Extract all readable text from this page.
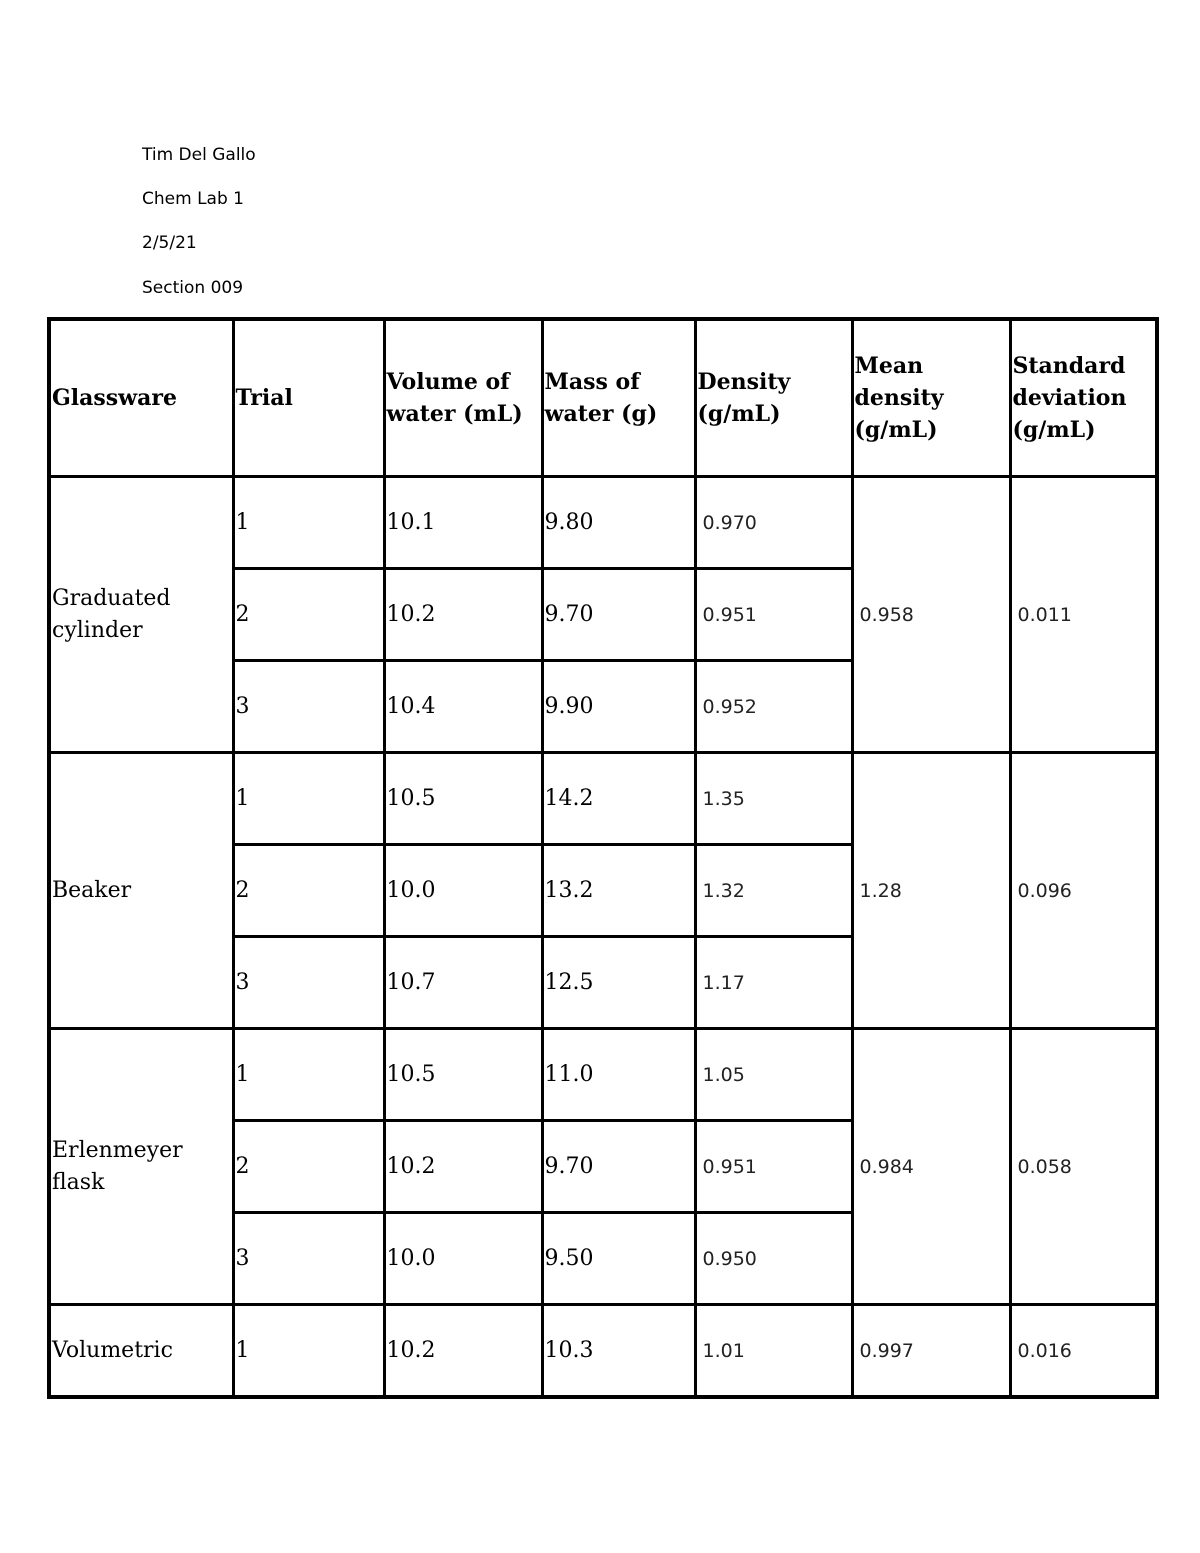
Tim Del Gallo
Chem Lab 1
2/5/21
Section 009
Glassware	Trial	Volume of water (mL)	Mass of water (g)	Density (g/mL)	Mean density (g/mL)	Standard deviation (g/mL)
Graduated cylinder	1	10.1	9.80	0.970	0.958	0.011
	2	10.2	9.70	0.951		
	3	10.4	9.90	0.952		
Beaker	1	10.5	14.2	1.35	1.28	0.096
	2	10.0	13.2	1.32		
	3	10.7	12.5	1.17		
Erlenmeyer flask	1	10.5	11.0	1.05	0.984	0.058
	2	10.2	9.70	0.951		
	3	10.0	9.50	0.950		
Volumetric	1	10.2	10.3	1.01	0.997	0.016
